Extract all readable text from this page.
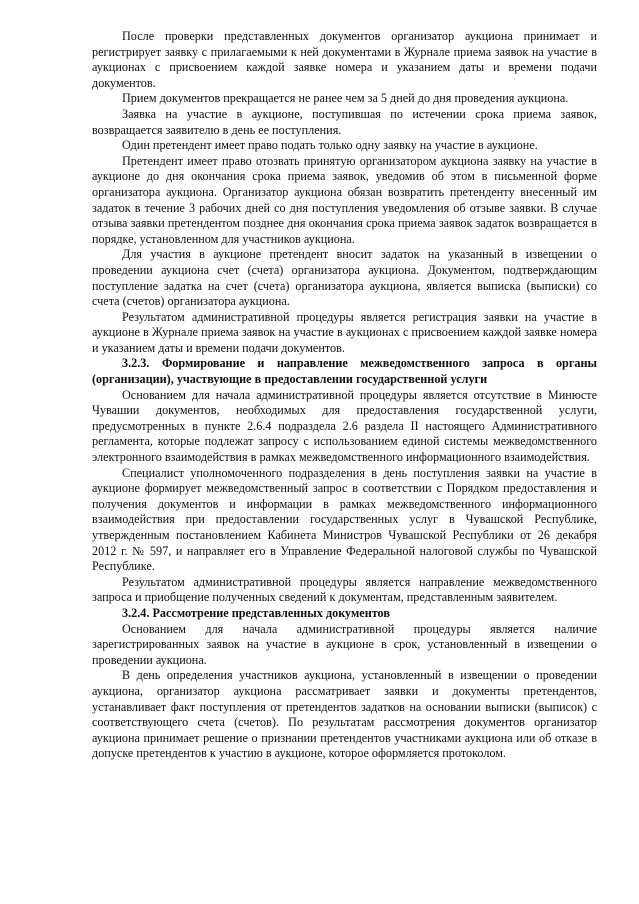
После проверки представленных документов организатор аукциона принимает и регистрирует заявку с прилагаемыми к ней документами в Журнале приема заявок на участие в аукционах с присвоением каждой заявке номера и указанием даты и времени подачи документов.

Прием документов прекращается не ранее чем за 5 дней до дня проведения аукциона.

Заявка на участие в аукционе, поступившая по истечении срока приема заявок, возвращается заявителю в день ее поступления.

Один претендент имеет право подать только одну заявку на участие в аукционе.

Претендент имеет право отозвать принятую организатором аукциона заявку на участие в аукционе до дня окончания срока приема заявок, уведомив об этом в письменной форме организатора аукциона. Организатор аукциона обязан возвратить претенденту внесенный им задаток в течение 3 рабочих дней со дня поступления уведомления об отзыве заявки. В случае отзыва заявки претендентом позднее дня окончания срока приема заявок задаток возвращается в порядке, установленном для участников аукциона.

Для участия в аукционе претендент вносит задаток на указанный в извещении о проведении аукциона счет (счета) организатора аукциона. Документом, подтверждающим поступление задатка на счет (счета) организатора аукциона, является выписка (выписки) со счета (счетов) организатора аукциона.

Результатом административной процедуры является регистрация заявки на участие в аукционе в Журнале приема заявок на участие в аукционах с присвоением каждой заявке номера и указанием даты и времени подачи документов.

3.2.3. Формирование и направление межведомственного запроса в органы (организации), участвующие в предоставлении государственной услуги

Основанием для начала административной процедуры является отсутствие в Минюсте Чувашии документов, необходимых для предоставления государственной услуги, предусмотренных в пункте 2.6.4 подраздела 2.6 раздела II настоящего Административного регламента, которые подлежат запросу с использованием единой системы межведомственного электронного взаимодействия в рамках межведомственного информационного взаимодействия.

Специалист уполномоченного подразделения в день поступления заявки на участие в аукционе формирует межведомственный запрос в соответствии с Порядком предоставления и получения документов и информации в рамках межведомственного информационного взаимодействия при предоставлении государственных услуг в Чувашской Республике, утвержденным постановлением Кабинета Министров Чувашской Республики от 26 декабря 2012 г. № 597, и направляет его в Управление Федеральной налоговой службы по Чувашской Республике.

Результатом административной процедуры является направление межведомственного запроса и приобщение полученных сведений к документам, представленным заявителем.

3.2.4. Рассмотрение представленных документов

Основанием для начала административной процедуры является наличие зарегистрированных заявок на участие в аукционе в срок, установленный в извещении о проведении аукциона.

В день определения участников аукциона, установленный в извещении о проведении аукциона, организатор аукциона рассматривает заявки и документы претендентов, устанавливает факт поступления от претендентов задатков на основании выписки (выписок) с соответствующего счета (счетов). По результатам рассмотрения документов организатор аукциона принимает решение о признании претендентов участниками аукциона или об отказе в допуске претендентов к участию в аукционе, которое оформляется протоколом.
